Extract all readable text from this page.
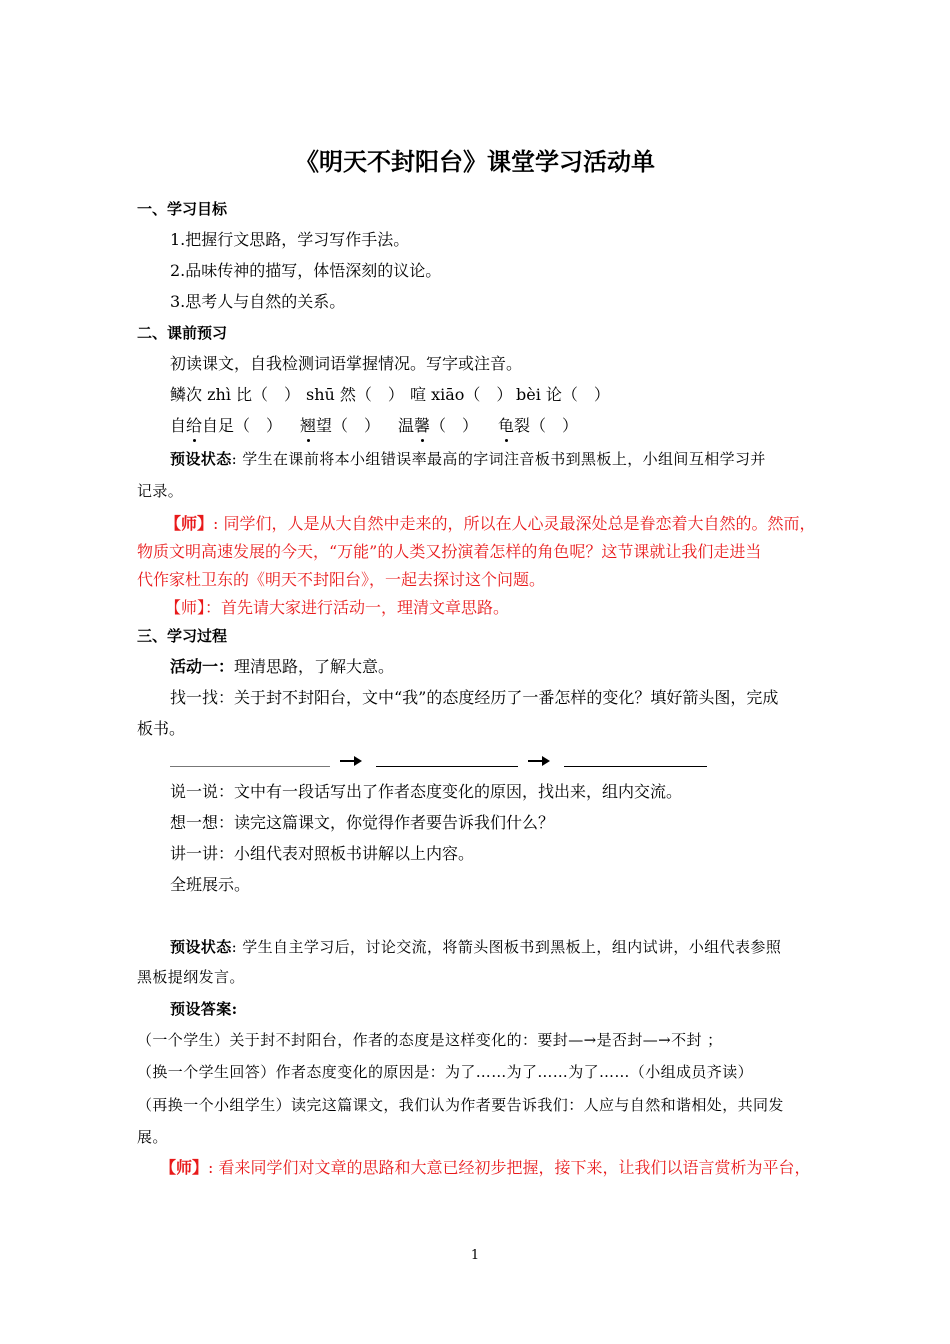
《明天不封阳台》课堂学习活动单
一、学习目标
1.把握行文思路，学习写作手法。
2.品味传神的描写，体悟深刻的议论。
3.思考人与自然的关系。
二、课前预习
初读课文，自我检测词语掌握情况。写字或注音。
鳞次 zhì 比（　） shū 然（　） 喧 xiāo（　） bèi 论（　）
自给自足（　） 翘望（　） 温馨（　） 龟裂（　）
预设状态: 学生在课前将本小组错误率最高的字词注音板书到黑板上，小组间互相学习并
记录。
【师】: 同学们，人是从大自然中走来的，所以在人心灵最深处总是眷恋着大自然的。然而，
物质文明高速发展的今天，“万能”的人类又扮演着怎样的角色呢？这节课就让我们走进当
代作家杜卫东的《明天不封阳台》，一起去探讨这个问题。
【师】：首先请大家进行活动一，理清文章思路。
三、学习过程
活动一：理清思路，了解大意。
找一找：关于封不封阳台，文中“我”的态度经历了一番怎样的变化？填好箭头图，完成
板书。
说一说：文中有一段话写出了作者态度变化的原因，找出来，组内交流。
想一想：读完这篇课文，你觉得作者要告诉我们什么？
讲一讲：小组代表对照板书讲解以上内容。
全班展示。
预设状态: 学生自主学习后，讨论交流，将箭头图板书到黑板上，组内试讲，小组代表参照
黑板提纲发言。
预设答案:
（一个学生）关于封不封阳台，作者的态度是这样变化的：要封—→是否封—→不封 ；
（换一个学生回答）作者态度变化的原因是：为了……为了……为了……（小组成员齐读）
（再换一个小组学生）读完这篇课文，我们认为作者要告诉我们：人应与自然和谐相处，共同发
展。
【师】: 看来同学们对文章的思路和大意已经初步把握，接下来，让我们以语言赏析为平台，
1
